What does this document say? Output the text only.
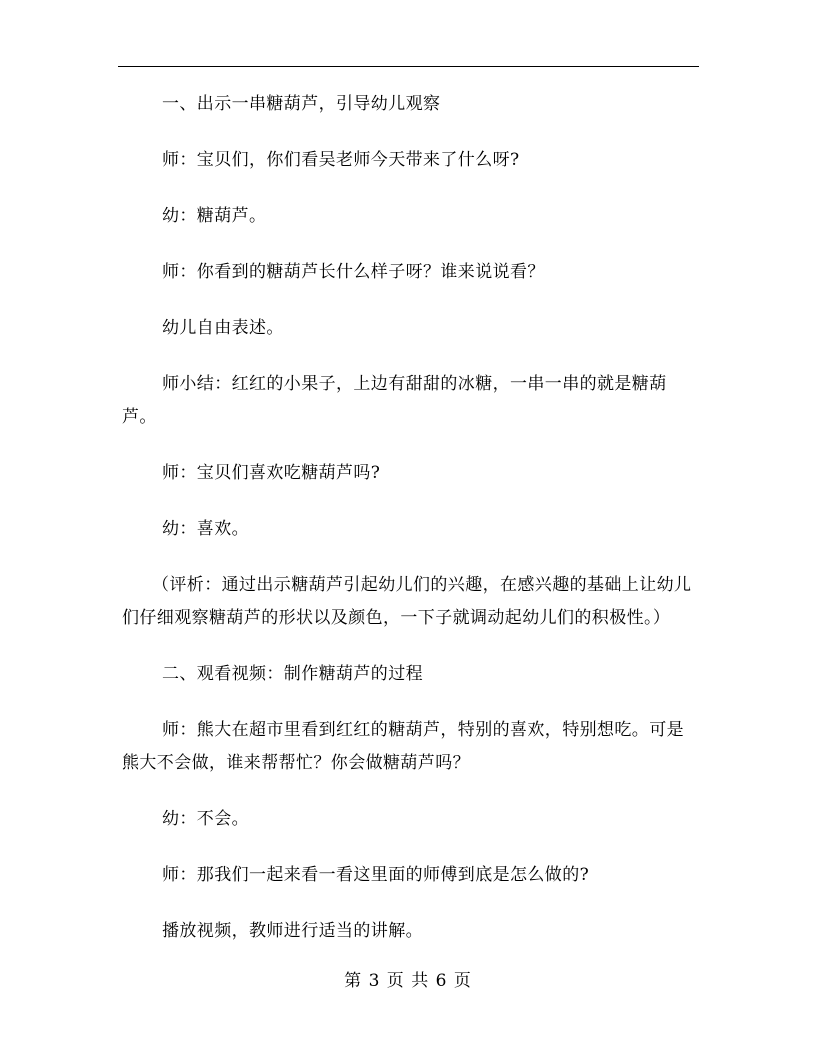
一、出示一串糖葫芦，引导幼儿观察

师：宝贝们，你们看吴老师今天带来了什么呀?

幼：糖葫芦。

师：你看到的糖葫芦长什么样子呀？谁来说说看？

幼儿自由表述。

师小结：红红的小果子，上边有甜甜的冰糖，一串一串的就是糖葫芦。

师：宝贝们喜欢吃糖葫芦吗?

幼：喜欢。

（评析：通过出示糖葫芦引起幼儿们的兴趣，在感兴趣的基础上让幼儿们仔细观察糖葫芦的形状以及颜色，一下子就调动起幼儿们的积极性。）

二、观看视频：制作糖葫芦的过程

师：熊大在超市里看到红红的糖葫芦，特别的喜欢，特别想吃。可是熊大不会做，谁来帮帮忙？你会做糖葫芦吗？

幼：不会。

师：那我们一起来看一看这里面的师傅到底是怎么做的?

播放视频，教师进行适当的讲解。

第 3 页 共 6 页
